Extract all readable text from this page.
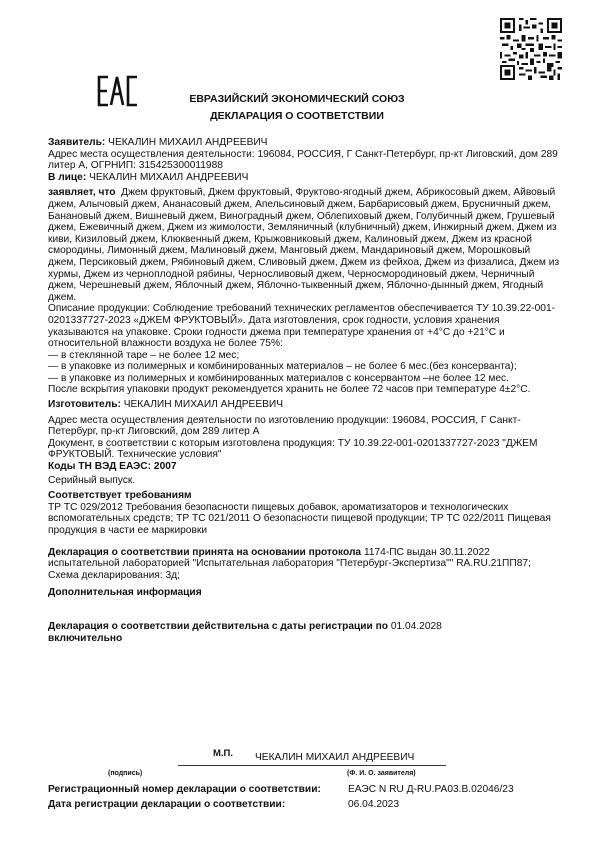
ЕВРАЗИЙСКИЙ ЭКОНОМИЧЕСКИЙ СОЮЗ
ДЕКЛАРАЦИЯ О СООТВЕТСТВИИ

Заявитель: ЧЕКАЛИН МИХАИЛ АНДРЕЕВИЧ

Адрес места осуществления деятельности: 196084, РОССИЯ, Г Санкт-Петербург, пр-кт Лиговский, дом 289 литер А, ОГРНИП: 315425300011988

В лице: ЧЕКАЛИН МИХАИЛ АНДРЕЕВИЧ

заявляет, что Джем фруктовый, Джем фруктовый, Фруктово-ягодный джем, Абрикосовый джем, Айвовый джем, Алычовый джем, Ананасовый джем, Апельсиновый джем, Барбарисовый джем, Брусничный джем, Банановый джем, Вишневый джем, Виноградный джем, Облепиховый джем, Голубичный джем, Грушевый джем, Ежевичный джем, Джем из жимолости, Земляничный (клубничный) джем, Инжирный джем, Джем из киви, Кизиловый джем, Клюквенный джем, Крыжовниковый джем, Калиновый джем, Джем из красной смородины, Лимонный джем, Малиновый джем, Манговый джем, Мандариновый джем, Морошковый джем, Персиковый джем, Рябиновый джем, Сливовый джем, Джем из фейхоа, Джем из физалиса, Джем из хурмы, Джем из черноплодной рябины, Черносливовый джем, Черносмородиновый джем, Черничный джем, Черешневый джем, Яблочный джем, Яблочно-тыквенный джем, Яблочно-дынный джем, Ягодный джем.

Описание продукции: Соблюдение требований технических регламентов обеспечивается ТУ 10.39.22-001-0201337727-2023 «ДЖЕМ ФРУКТОВЫЙ». Дата изготовления, срок годности, условия хранения указываются на упаковке. Сроки годности джема при температуре хранения от +4°С до +21°С и относительной влажности воздуха не более 75%:

— в стеклянной таре – не более 12 мес;

— в упаковке из полимерных и комбинированных материалов – не более 6 мес.(без консерванта);

— в упаковке из полимерных и комбинированных материалов с консервантом –не более 12 мес.

После вскрытия упаковки продукт рекомендуется хранить не более 72 часов при температуре 4±2°С.

Изготовитель: ЧЕКАЛИН МИХАИЛ АНДРЕЕВИЧ

Адрес места осуществления деятельности по изготовлению продукции: 196084, РОССИЯ, Г Санкт-Петербург, пр-кт Лиговский, дом 289 литер А

Документ, в соответствии с которым изготовлена продукция: ТУ 10.39.22-001-0201337727-2023 "ДЖЕМ ФРУКТОВЫЙ. Технические условия"

Коды ТН ВЭД ЕАЭС: 2007

Серийный выпуск.

Соответствует требованиям

ТР ТС 029/2012 Требования безопасности пищевых добавок, ароматизаторов и технологических вспомогательных средств; ТР ТС 021/2011 О безопасности пищевой продукции; ТР ТС 022/2011 Пищевая продукция в части ее маркировки

Декларация о соответствии принята на основании протокола 1174-ПС выдан 30.11.2022 испытательной лабораторией "Испытательная лаборатория "Петербург-Экспертиза"" RA.RU.21ПП87; Схема декларирования: 3д;

Дополнительная информация

Декларация о соответствии действительна с даты регистрации по 01.04.2028

включительно

М.П. ЧЕКАЛИН МИХАИЛ АНДРЕЕВИЧ
(подпись)	(Ф. И. О. заявителя)
Регистрационный номер декларации о соответствии:	ЕАЭС N RU Д-RU.РА03.В.02046/23
Дата регистрации декларации о соответствии:	06.04.2023
